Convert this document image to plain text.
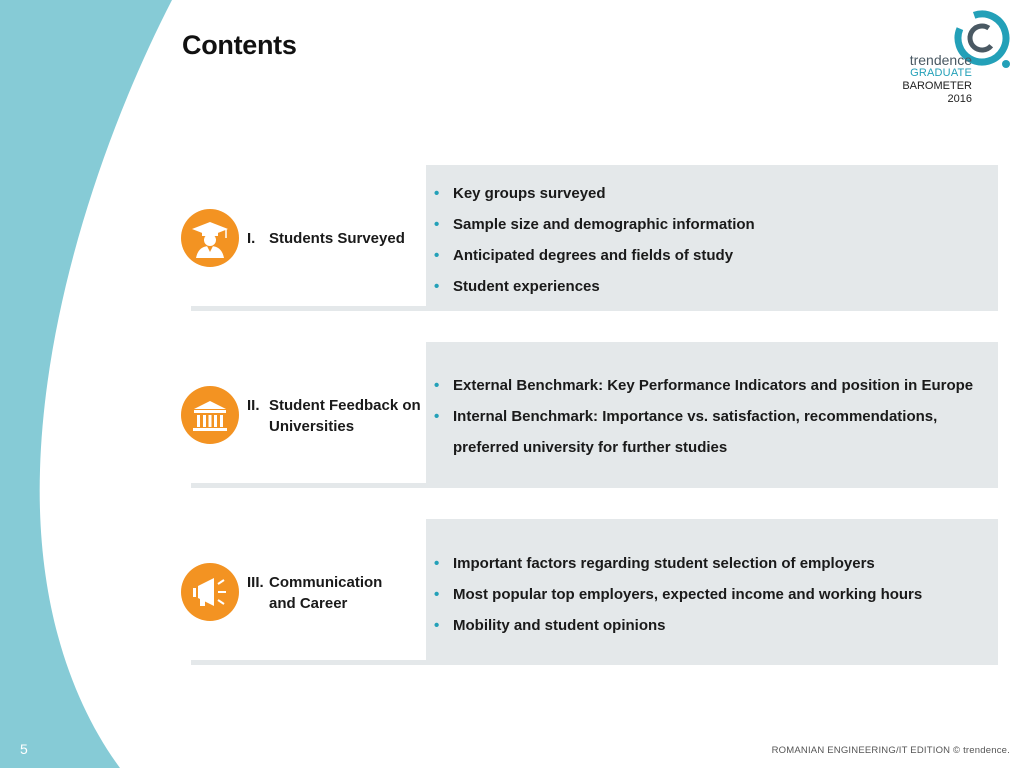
Contents	trendence
GRADUATE
BAROMETER
2016
I. Students Surveyed
• Key groups surveyed
• Sample size and demographic information
• Anticipated degrees and fields of study
• Student experiences
II. Student Feedback on
Universities
• External Benchmark: Key Performance Indicators and position in Europe
• Internal Benchmark: Importance vs. satisfaction, recommendations, preferred university for further studies
III. Communication
and Career
• Important factors regarding student selection of employers
• Most popular top employers, expected income and working hours
• Mobility and student opinions
5	ROMANIAN ENGINEERING/IT EDITION © trendence.
